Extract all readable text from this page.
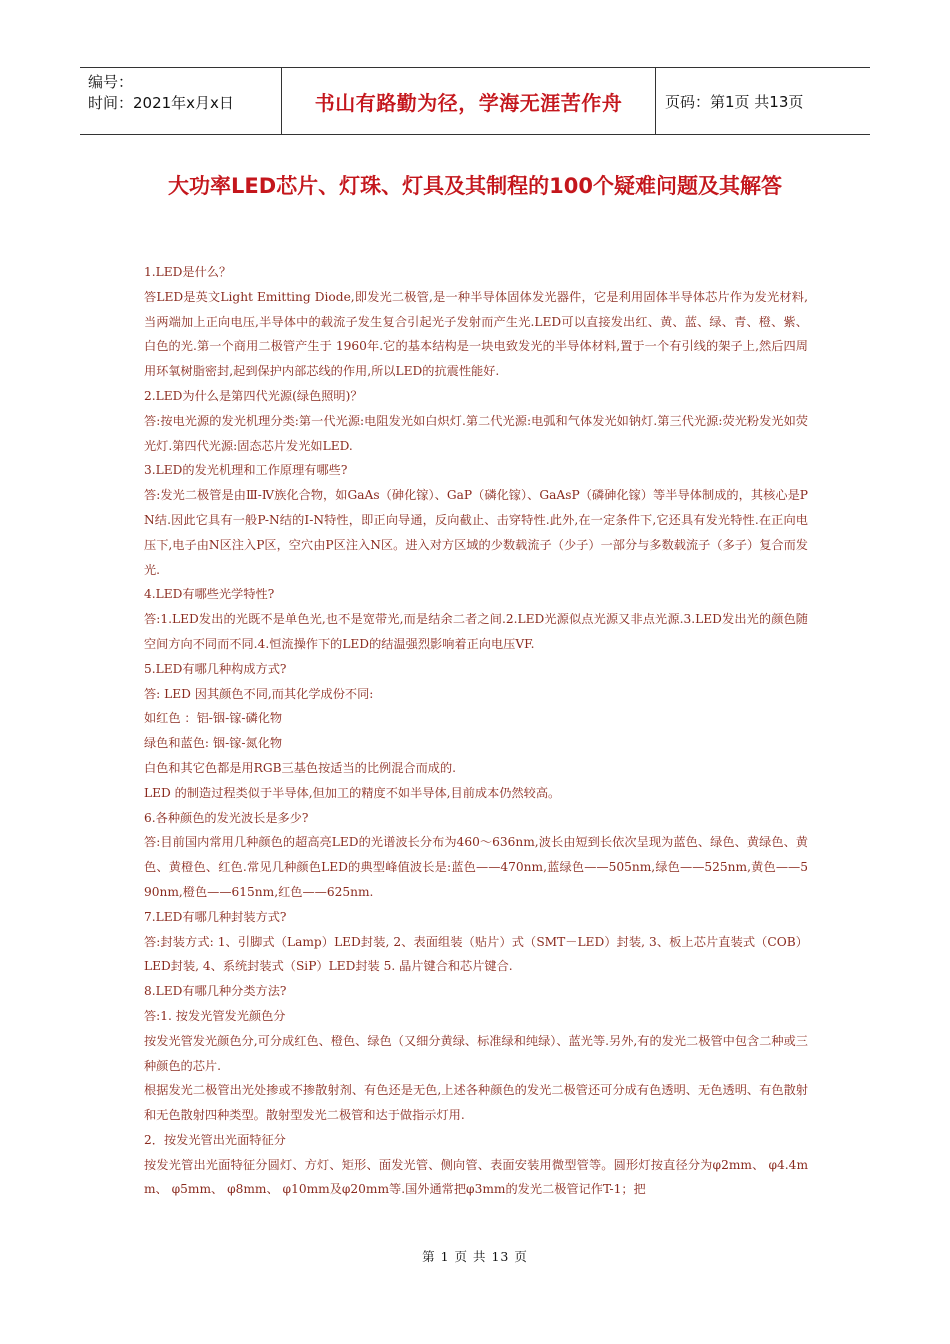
编号：
时间：2021年x月x日	书山有路勤为径，学海无涯苦作舟	页码：第1页 共13页
大功率LED芯片、灯珠、灯具及其制程的100个疑难问题及其解答

1.LED是什么？

答LED是英文Light Emitting Diode,即发光二极管,是一种半导体固体发光器件，它是利用固体半导体芯片作为发光材料,当两端加上正向电压,半导体中的载流子发生复合引起光子发射而产生光.LED可以直接发出红、黄、蓝、绿、青、橙、紫、白色的光.第一个商用二极管产生于 1960年.它的基本结构是一块电致发光的半导体材料,置于一个有引线的架子上,然后四周用环氧树脂密封,起到保护内部芯线的作用,所以LED的抗震性能好.

2.LED为什么是第四代光源(绿色照明)？

答:按电光源的发光机理分类:第一代光源:电阻发光如白炽灯.第二代光源:电弧和气体发光如钠灯.第三代光源:荧光粉发光如荧光灯.第四代光源:固态芯片发光如LED.

3.LED的发光机理和工作原理有哪些?

答:发光二极管是由Ⅲ-Ⅳ族化合物，如GaAs（砷化镓）、GaP（磷化镓）、GaAsP（磷砷化镓）等半导体制成的，其核心是PN结.因此它具有一般P-N结的I-N特性，即正向导通，反向截止、击穿特性.此外,在一定条件下,它还具有发光特性.在正向电压下,电子由N区注入P区，空穴由P区注入N区。进入对方区域的少数载流子（少子）一部分与多数载流子（多子）复合而发光.

4.LED有哪些光学特性?

答:1.LED发出的光既不是单色光,也不是宽带光,而是结余二者之间.2.LED光源似点光源又非点光源.3.LED发出光的颜色随空间方向不同而不同.4.恒流操作下的LED的结温强烈影响着正向电压VF.

5.LED有哪几种构成方式?

答: LED 因其颜色不同,而其化学成份不同:

如红色 ：铝-铟-镓-磷化物

绿色和蓝色: 铟-镓-氮化物

白色和其它色都是用RGB三基色按适当的比例混合而成的.

LED 的制造过程类似于半导体,但加工的精度不如半导体,目前成本仍然较高。

6.各种颜色的发光波长是多少?

答:目前国内常用几种颜色的超高亮LED的光谱波长分布为460～636nm,波长由短到长依次呈现为蓝色、绿色、黄绿色、黄色、黄橙色、红色.常见几种颜色LED的典型峰值波长是:蓝色——470nm,蓝绿色——505nm,绿色——525nm,黄色——590nm,橙色——615nm,红色——625nm.

7.LED有哪几种封装方式?

答:封装方式: 1、引脚式（Lamp）LED封装, 2、表面组装（贴片）式（SMT－LED）封装, 3、板上芯片直装式（COB）LED封装, 4、系统封装式（SiP）LED封装 5. 晶片键合和芯片键合.

8.LED有哪几种分类方法?

答:1. 按发光管发光颜色分

按发光管发光颜色分,可分成红色、橙色、绿色（又细分黄绿、标准绿和纯绿）、蓝光等.另外,有的发光二极管中包含二种或三种颜色的芯片.

根据发光二极管出光处掺或不掺散射剂、有色还是无色,上述各种颜色的发光二极管还可分成有色透明、无色透明、有色散射和无色散射四种类型。散射型发光二极管和达于做指示灯用.

2．按发光管出光面特征分

按发光管出光面特征分圆灯、方灯、矩形、面发光管、侧向管、表面安装用微型管等。圆形灯按直径分为φ2mm、 φ4.4mm、 φ5mm、 φ8mm、 φ10mm及φ20mm等.国外通常把φ3mm的发光二极管记作T-1；把

第 1 页 共 13 页
